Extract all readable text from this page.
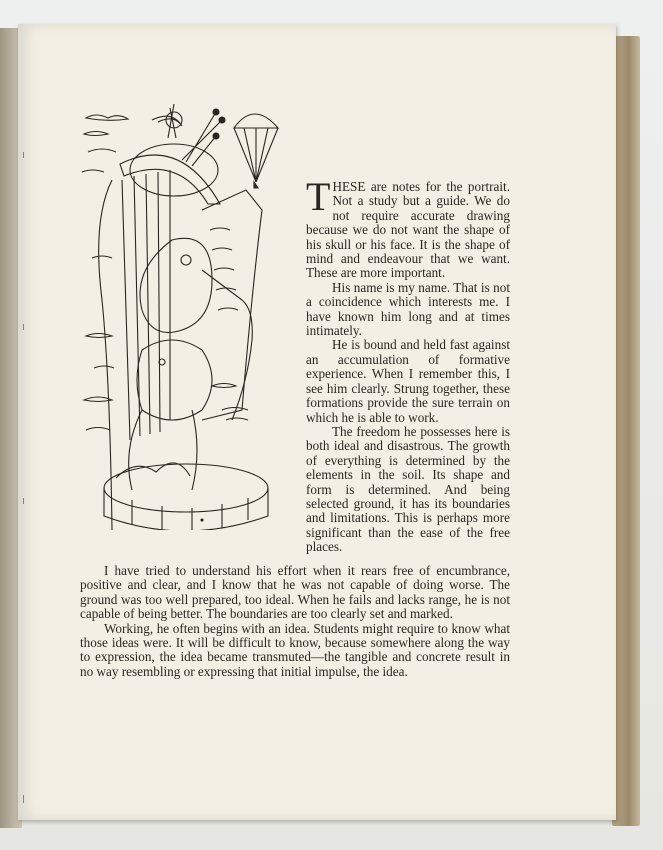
THESE are notes for the portrait. Not a study but a guide. We do not require accurate drawing because we do not want the shape of his skull or his face. It is the shape of mind and endeavour that we want. These are more important.

His name is my name. That is not a coincidence which interests me. I have known him long and at times intimately.

He is bound and held fast against an accumulation of formative experience. When I remember this, I see him clearly. Strung together, these formations provide the sure terrain on which he is able to work.

The freedom he possesses here is both ideal and disastrous. The growth of everything is determined by the elements in the soil. Its shape and form is determined. And being selected ground, it has its boundaries and limitations. This is perhaps more significant than the ease of the free places.

I have tried to understand his effort when it rears free of encumbrance, positive and clear, and I know that he was not capable of doing worse. The ground was too well prepared, too ideal. When he fails and lacks range, he is not capable of being better. The boundaries are too clearly set and marked.

Working, he often begins with an idea. Students might require to know what those ideas were. It will be difficult to know, because somewhere along the way to expression, the idea became transmuted—the tangible and concrete result in no way resembling or expressing that initial impulse, the idea.
